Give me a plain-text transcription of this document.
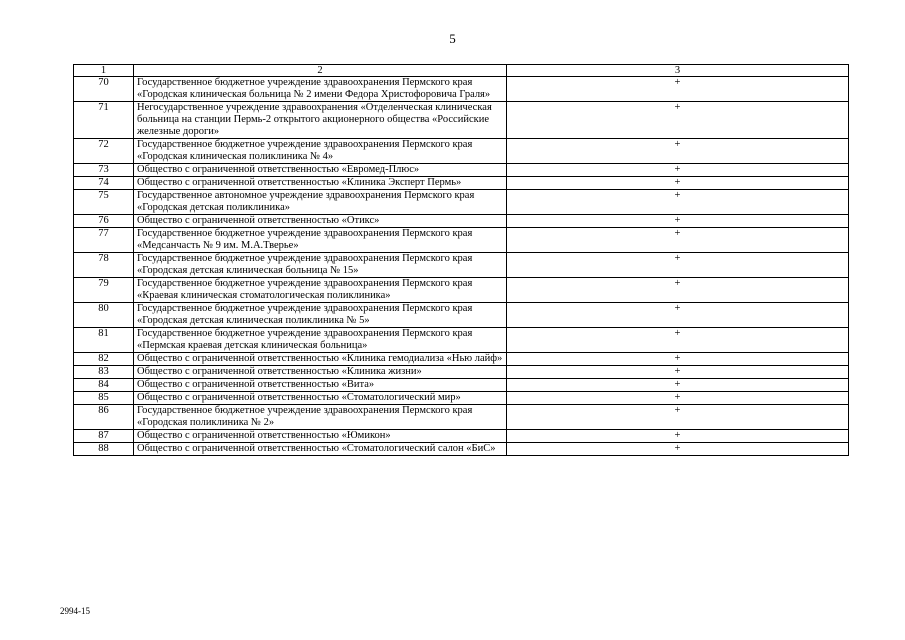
5
1	2	3
70	Государственное бюджетное учреждение здравоохранения Пермского края «Городская клиническая больница № 2 имени Федора Христофоровича Граля»	+
71	Негосударственное учреждение здравоохранения «Отделенческая клиническая больница на станции Пермь-2 открытого акционерного общества «Российские железные дороги»	+
72	Государственное бюджетное учреждение здравоохранения Пермского края «Городская клиническая поликлиника № 4»	+
73	Общество с ограниченной ответственностью «Евромед-Плюс»	+
74	Общество с ограниченной ответственностью «Клиника Эксперт Пермь»	+
75	Государственное автономное учреждение здравоохранения Пермского края «Городская детская поликлиника»	+
76	Общество с ограниченной ответственностью «Отикс»	+
77	Государственное бюджетное учреждение здравоохранения Пермского края «Медсанчасть № 9 им. М.А.Тверье»	+
78	Государственное бюджетное учреждение здравоохранения Пермского края «Городская детская клиническая больница № 15»	+
79	Государственное бюджетное учреждение здравоохранения Пермского края «Краевая клиническая стоматологическая поликлиника»	+
80	Государственное бюджетное учреждение здравоохранения Пермского края «Городская детская клиническая поликлиника № 5»	+
81	Государственное бюджетное учреждение здравоохранения Пермского края «Пермская краевая детская клиническая больница»	+
82	Общество с ограниченной ответственностью «Клиника гемодиализа «Нью лайф»	+
83	Общество с ограниченной ответственностью «Клиника жизни»	+
84	Общество с ограниченной ответственностью «Вита»	+
85	Общество с ограниченной ответственностью «Стоматологический мир»	+
86	Государственное бюджетное учреждение здравоохранения Пермского края «Городская поликлиника № 2»	+
87	Общество с ограниченной ответственностью «Юмикон»	+
88	Общество с ограниченной ответственностью «Стоматологический салон «БиС»	+
2994-15
